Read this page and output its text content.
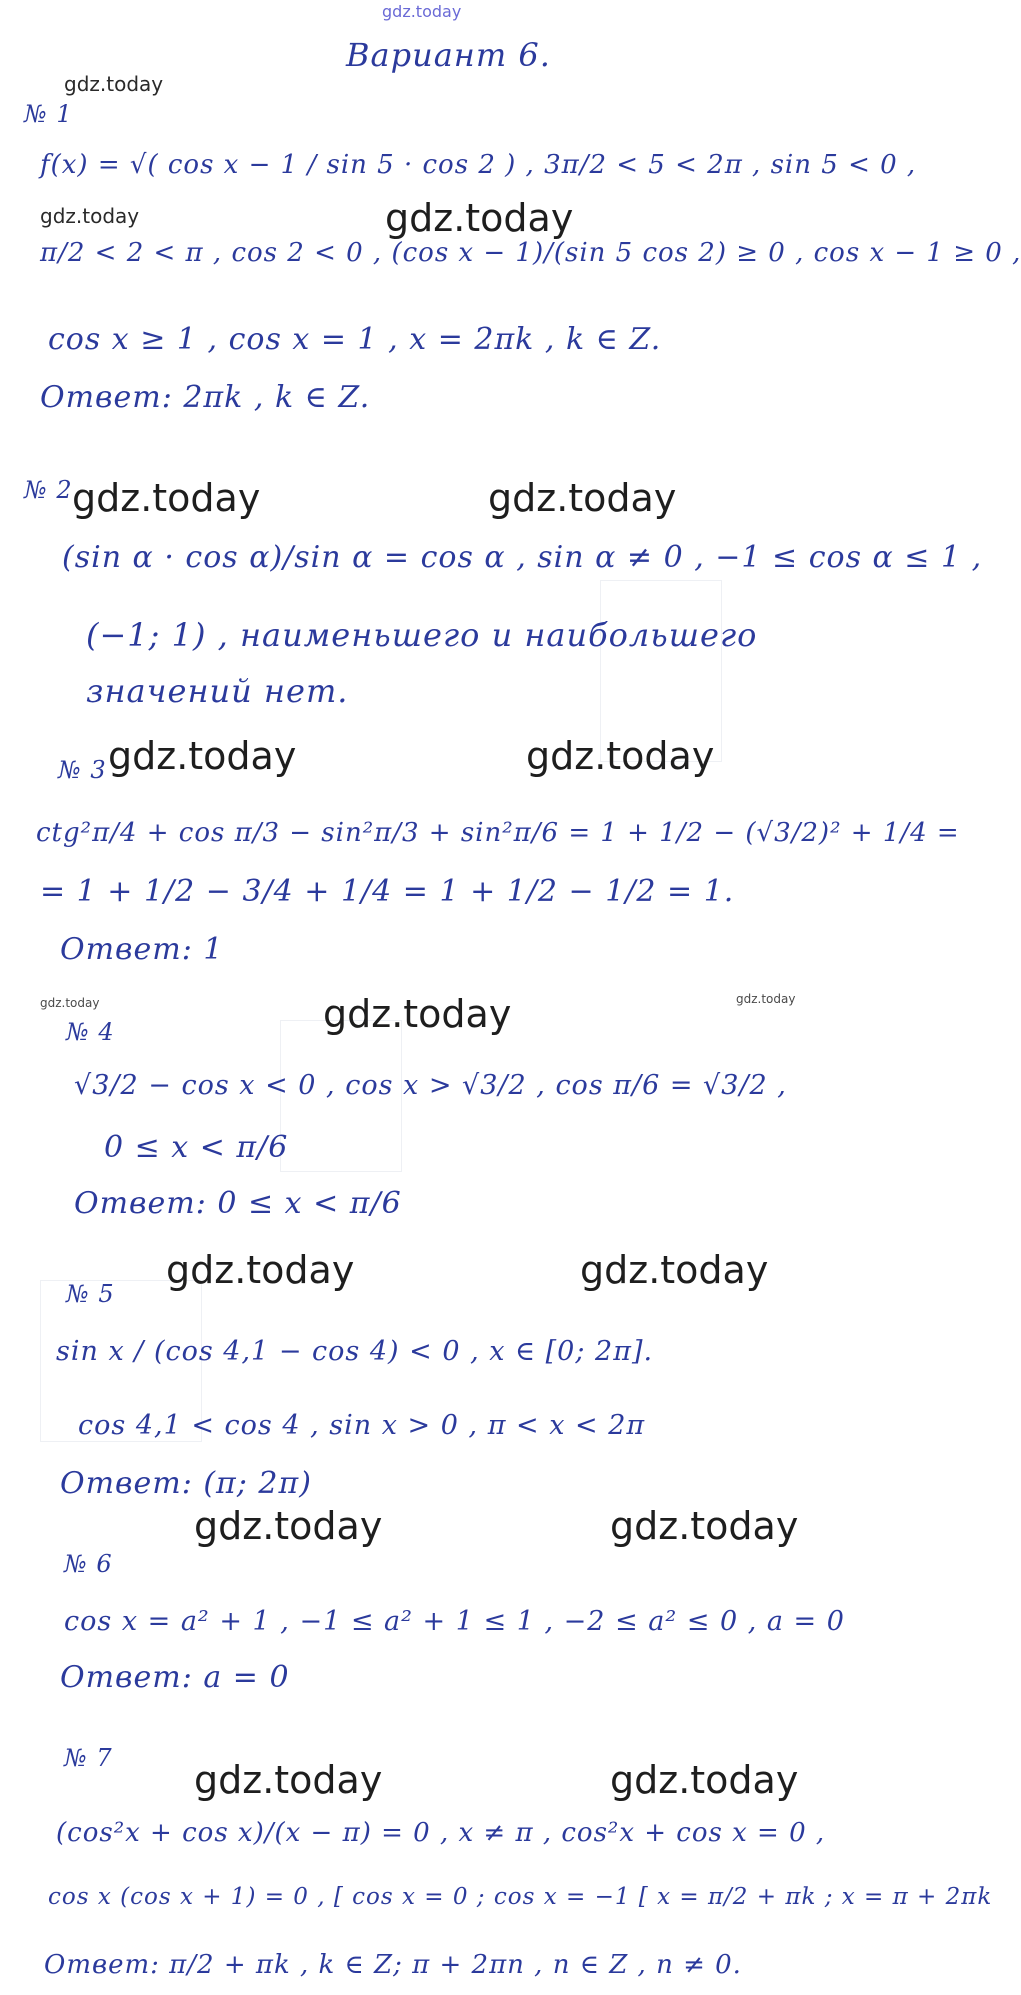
gdz.today
Вариант 6.
gdz.today
gdz.today	gdz.today
gdz.today	gdz.today
gdz.today	gdz.today
gdz.today	gdz.today	gdz.today
gdz.today	gdz.today
gdz.today	gdz.today
gdz.today	gdz.today
№ 1
f(x) = √( cos x − 1 / sin 5 · cos 2 ) , 3π/2 < 5 < 2π , sin 5 < 0 ,
π/2 < 2 < π , cos 2 < 0 , (cos x − 1)/(sin 5 cos 2) ≥ 0 , cos x − 1 ≥ 0 ,
cos x ≥ 1 , cos x = 1 , x = 2πk , k ∈ Z.
Ответ: 2πk , k ∈ Z.
№ 2
(sin α · cos α)/sin α = cos α , sin α ≠ 0 , −1 ≤ cos α ≤ 1 ,
(−1; 1) , наименьшего и наибольшего
значений нет.
№ 3
ctg²π/4 + cos π/3 − sin²π/3 + sin²π/6 = 1 + 1/2 − (√3/2)² + 1/4 =
= 1 + 1/2 − 3/4 + 1/4 = 1 + 1/2 − 1/2 = 1.
Ответ: 1
№ 4
√3/2 − cos x < 0 , cos x > √3/2 , cos π/6 = √3/2 ,
0 ≤ x < π/6
Ответ: 0 ≤ x < π/6
№ 5
sin x / (cos 4,1 − cos 4) < 0 , x ∈ [0; 2π].
cos 4,1 < cos 4 , sin x > 0 , π < x < 2π
Ответ: (π; 2π)
№ 6
cos x = a² + 1 , −1 ≤ a² + 1 ≤ 1 , −2 ≤ a² ≤ 0 , a = 0
Ответ: a = 0
№ 7
(cos²x + cos x)/(x − π) = 0 , x ≠ π , cos²x + cos x = 0 ,
cos x (cos x + 1) = 0 , [ cos x = 0 ; cos x = −1 [ x = π/2 + πk ; x = π + 2πk
Ответ: π/2 + πk , k ∈ Z; π + 2πn , n ∈ Z , n ≠ 0.
